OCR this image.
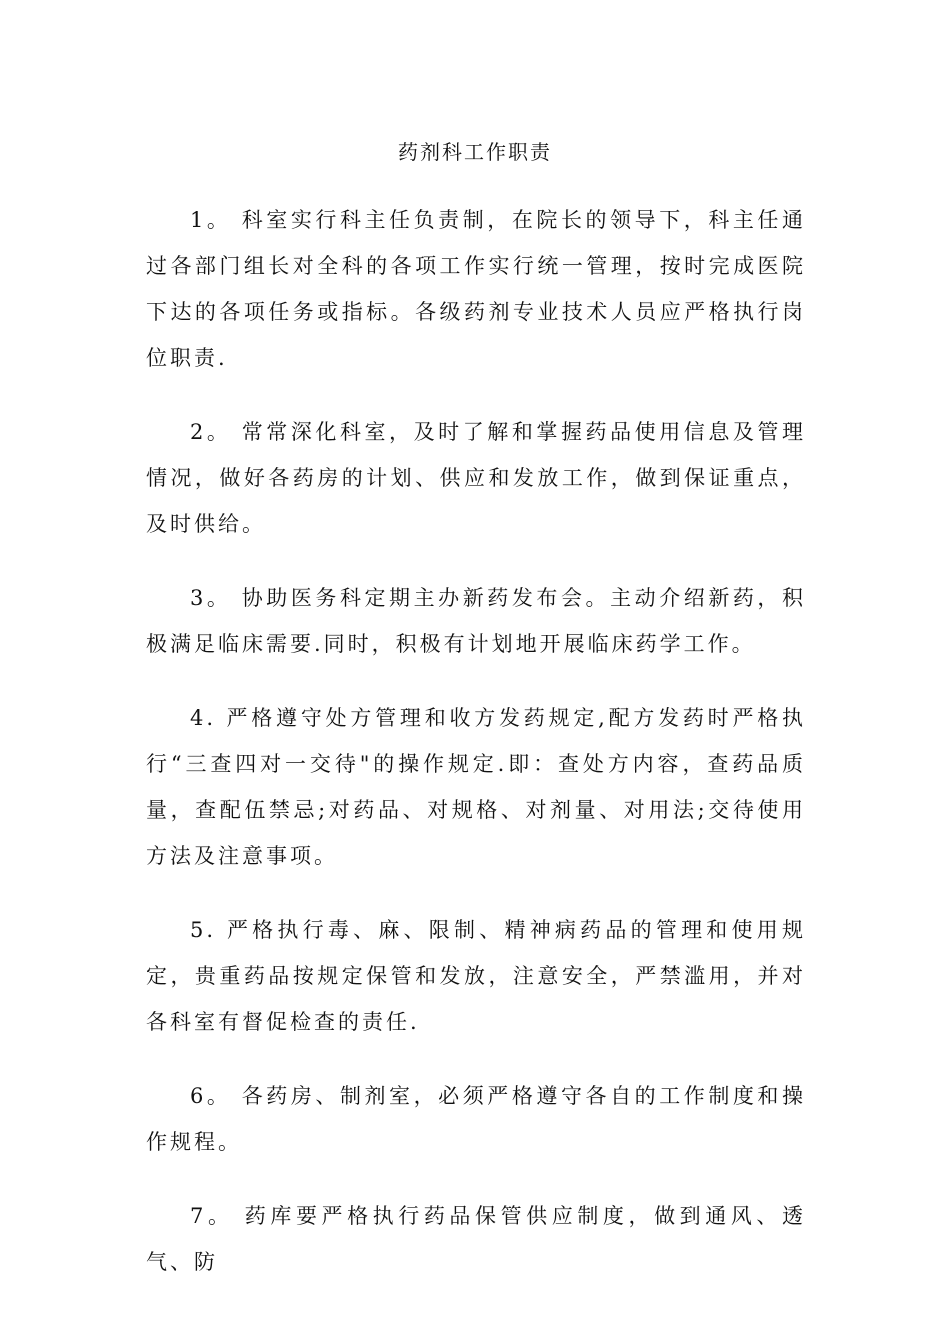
药剂科工作职责

1。 科室实行科主任负责制，在院长的领导下，科主任通过各部门组长对全科的各项工作实行统一管理，按时完成医院下达的各项任务或指标。各级药剂专业技术人员应严格执行岗位职责.

2。 常常深化科室，及时了解和掌握药品使用信息及管理情况，做好各药房的计划、供应和发放工作，做到保证重点，及时供给。

3。 协助医务科定期主办新药发布会。主动介绍新药，积极满足临床需要.同时，积极有计划地开展临床药学工作。

4. 严格遵守处方管理和收方发药规定,配方发药时严格执行“三查四对一交待"的操作规定.即：查处方内容，查药品质量，查配伍禁忌;对药品、对规格、对剂量、对用法;交待使用方法及注意事项。

5. 严格执行毒、麻、限制、精神病药品的管理和使用规定，贵重药品按规定保管和发放，注意安全，严禁滥用，并对各科室有督促检查的责任.

6。 各药房、制剂室，必须严格遵守各自的工作制度和操作规程。

7。 药库要严格执行药品保管供应制度，做到通风、透气、防
